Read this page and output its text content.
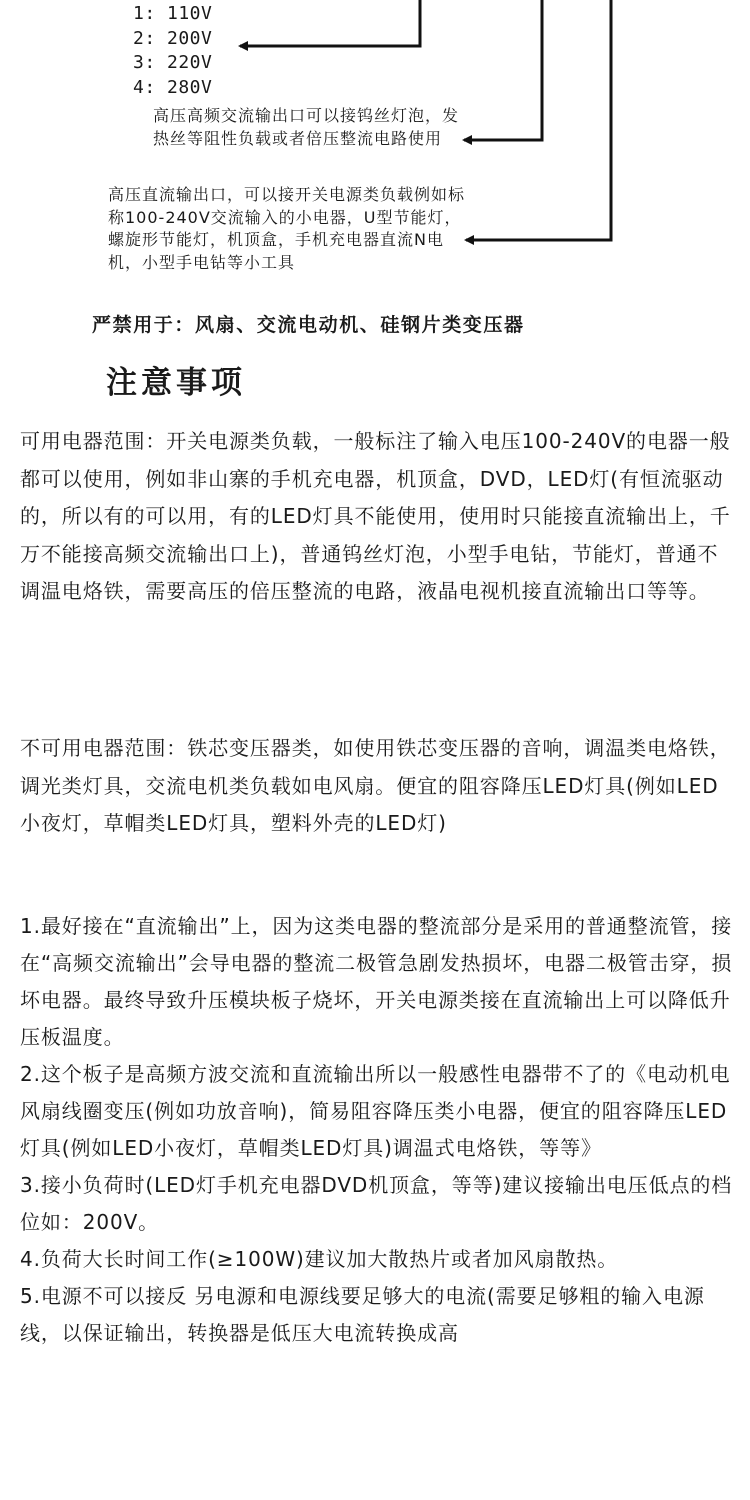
1: 110V
2: 200V
3: 220V
4: 280V

高压高频交流输出口可以接钨丝灯泡，发热丝等阻性负载或者倍压整流电路使用

高压直流输出口，可以接开关电源类负载例如标称100-240V交流输入的小电器，U型节能灯，螺旋形节能灯，机顶盒，手机充电器直流N电机，小型手电钻等小工具

严禁用于：风扇、交流电动机、硅钢片类变压器

注意事项

可用电器范围：开关电源类负载，一般标注了输入电压100-240V的电器一般都可以使用，例如非山寨的手机充电器，机顶盒，DVD，LED灯(有恒流驱动的，所以有的可以用，有的LED灯具不能使用，使用时只能接直流输出上，千万不能接高频交流输出口上)，普通钨丝灯泡，小型手电钻，节能灯，普通不调温电烙铁，需要高压的倍压整流的电路，液晶电视机接直流输出口等等。

不可用电器范围：铁芯变压器类，如使用铁芯变压器的音响，调温类电烙铁，调光类灯具，交流电机类负载如电风扇。便宜的阻容降压LED灯具(例如LED小夜灯，草帽类LED灯具，塑料外壳的LED灯)

1.最好接在“直流输出”上，因为这类电器的整流部分是采用的普通整流管，接在“高频交流输出”会导电器的整流二极管急剧发热损坏，电器二极管击穿，损坏电器。最终导致升压模块板子烧坏，开关电源类接在直流输出上可以降低升压板温度。
2.这个板子是高频方波交流和直流输出所以一般感性电器带不了的《电动机电风扇线圈变压(例如功放音响)，简易阻容降压类小电器，便宜的阻容降压LED灯具(例如LED小夜灯，草帽类LED灯具)调温式电烙铁，等等》
3.接小负荷时(LED灯手机充电器DVD机顶盒，等等)建议接输出电压低点的档位如：200V。
4.负荷大长时间工作(≥100W)建议加大散热片或者加风扇散热。
5.电源不可以接反 另电源和电源线要足够大的电流(需要足够粗的输入电源线，以保证输出，转换器是低压大电流转换成高
